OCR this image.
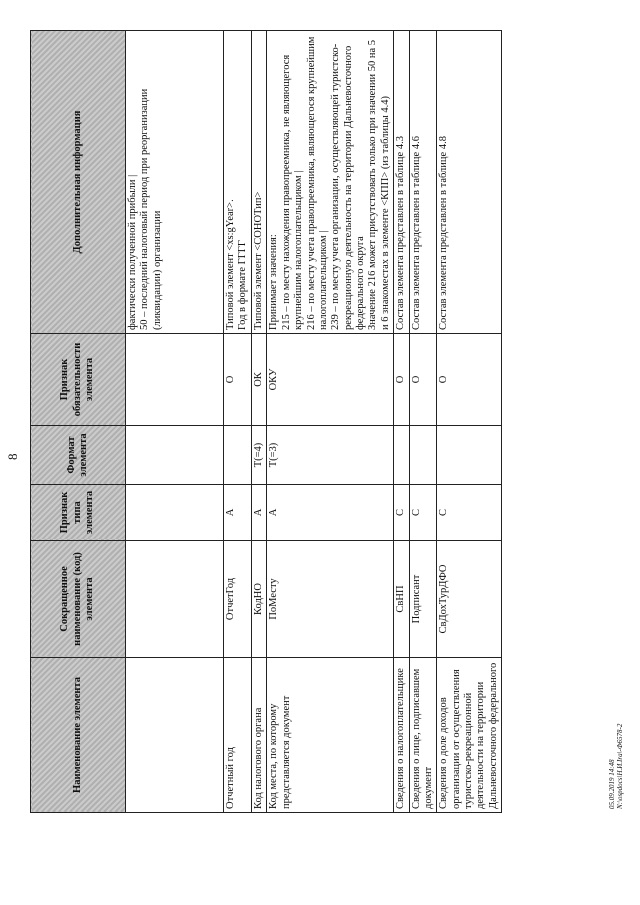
8
Наименование элемента	Сокращенное наименование (код) элемента	Признак типа элемента	Формат элемента	Признак обязательности элемента	Дополнительная информация
					фактически полученной прибыли |
50 – последний налоговый период при реорганизации (ликвидации) организации
Отчетный год	ОтчетГод	А		О	Типовой элемент <xs:gYear>.
Год в формате ГГГГ
Код налогового органа	КодНО	А	T(=4)	ОК	Типовой элемент <СОНОТип>
Код места, по которому представляется документ	ПоМесту	А	T(=3)	ОКУ	Принимает значения:
215 – по месту нахождения правопреемника, не являющегося крупнейшим налогоплательщиком |
216 – по месту учета правопреемника, являющегося крупнейшим налогоплательщиком |
239 – по месту учета организации, осуществляющей туристско-рекреационную деятельность на территории Дальневосточного федерального округа
Значение 216 может присутствовать только при значении 50 на 5 и 6 знакоместах в элементе <КПП> (из таблицы 4.4)
Сведения о налогоплательщике	СвНП	С		О	Состав элемента представлен в таблице 4.3
Сведения о лице, подписавшем документ	Подписант	С		О	Состав элемента представлен в таблице 4.6
Сведения о доле доходов организации от осуществления туристско-рекреационной деятельности на территории Дальневосточного федерального	СвДохТурДФО	С		О	Состав элемента представлен в таблице 4.8
05.09.2019 14:48 N:\ospdocs\Н.И.Ira\-Ф6578-2
